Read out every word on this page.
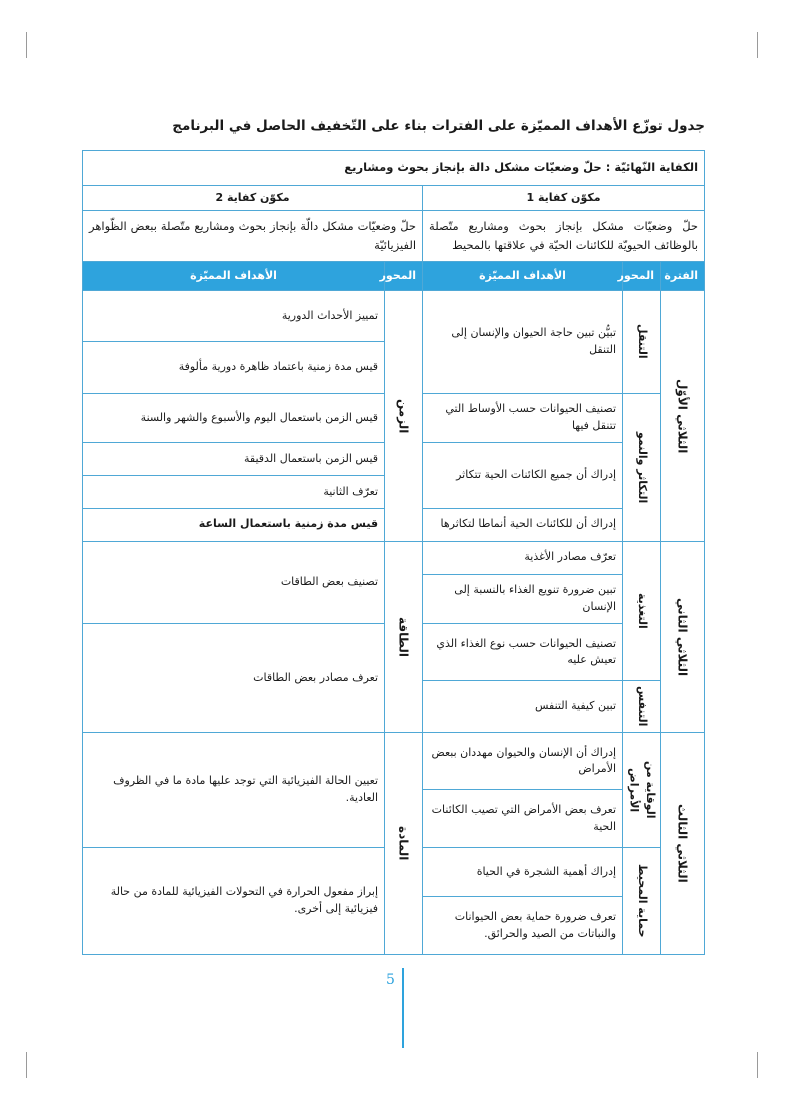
جدول توزّع الأهداف المميّزة على الفترات بناء على التّخفيف الحاصل في البرنامج
الكفاية النّهائيّة : حلّ وضعيّات مشكل دالة بإنجاز بحوث ومشاريع				
مكوّن كفاية 1			مكوّن كفاية 2	
حلّ وضعيّات مشكل بإنجاز بحوث ومشاريع متّصلة بالوظائف الحيويّة للكائنات الحيّة في علاقتها بالمحيط			حلّ وضعيّات مشكل دالّة بإنجاز بحوث ومشاريع متّصلة ببعض الظّواهر الفيزيائيّة	
الفترة	المحور	الأهداف المميّزة	المحور	الأهداف المميّزة

الثلاثي الأوّل	التنقل	تبيُّن تبين حاجة الحيوان والإنسان إلى التنقل	الزمن	تمييز الأحداث الدورية
				قيس مدة زمنية باعتماد ظاهرة دورية مألوفة

	التكاثر والنمو	تصنيف الحيوانات حسب الأوساط التي تتنقل فيها		قيس الزمن باستعمال اليوم والأسبوع والشهر والسنة
		إدراك أن جميع الكائنات الحية تتكاثر		قيس الزمن باستعمال الدقيقة
				تعرّف الثانية
		إدراك أن للكائنات الحية أنماطا لتكاثرها		قيس مدة زمنية باستعمال الساعة

الثلاثي الثاني	التغذية	تعرّف مصادر الأغذية	الطاقة	تصنيف بعض الطاقات
		تبين ضرورة تنويع الغذاء بالنسبة إلى الإنسان		
		تصنيف الحيوانات حسب نوع الغذاء الذي تعيش عليه		تعرف مصادر بعض الطاقات

	التنفس	تبين كيفية التنفس		

الثلاثي الثالث	الوقاية من الأمراض	إدراك أن الإنسان والحيوان مهددان ببعض الأمراض	المادة	تعيين الحالة الفيزيائية التي توجد عليها مادة ما في الظروف العادية.
		تعرف بعض الأمراض التي تصيب الكائنات الحية		

	حماية المحيط	إدراك أهمية الشجرة في الحياة		إبراز مفعول الحرارة في التحولات الفيزيائية للمادة من حالة فيزيائية إلى أخرى.
		تعرف ضرورة حماية بعض الحيوانات والنباتات من الصيد والحرائق.		
5
